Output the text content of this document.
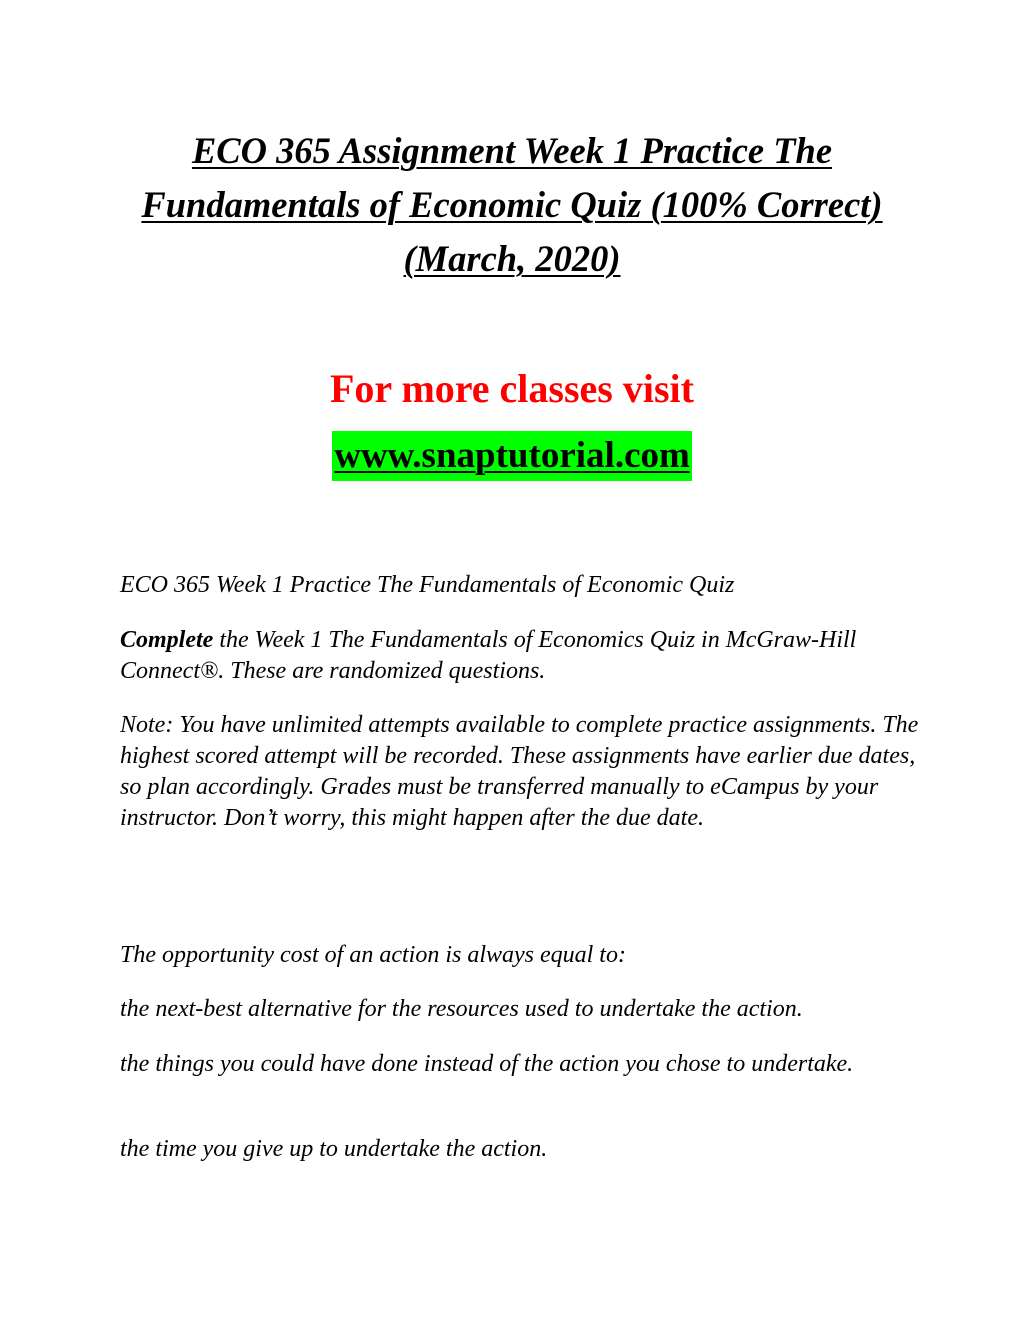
ECO 365 Assignment Week 1 Practice The Fundamentals of Economic Quiz (100% Correct) (March, 2020)

For more classes visit

www.snaptutorial.com

ECO 365 Week 1 Practice The Fundamentals of Economic Quiz

Complete the Week 1 The Fundamentals of Economics Quiz in McGraw-Hill Connect®. These are randomized questions.

Note: You have unlimited attempts available to complete practice assignments. The highest scored attempt will be recorded. These assignments have earlier due dates, so plan accordingly. Grades must be transferred manually to eCampus by your instructor. Don’t worry, this might happen after the due date.

The opportunity cost of an action is always equal to:

the next-best alternative for the resources used to undertake the action.

the things you could have done instead of the action you chose to undertake.

the time you give up to undertake the action.
